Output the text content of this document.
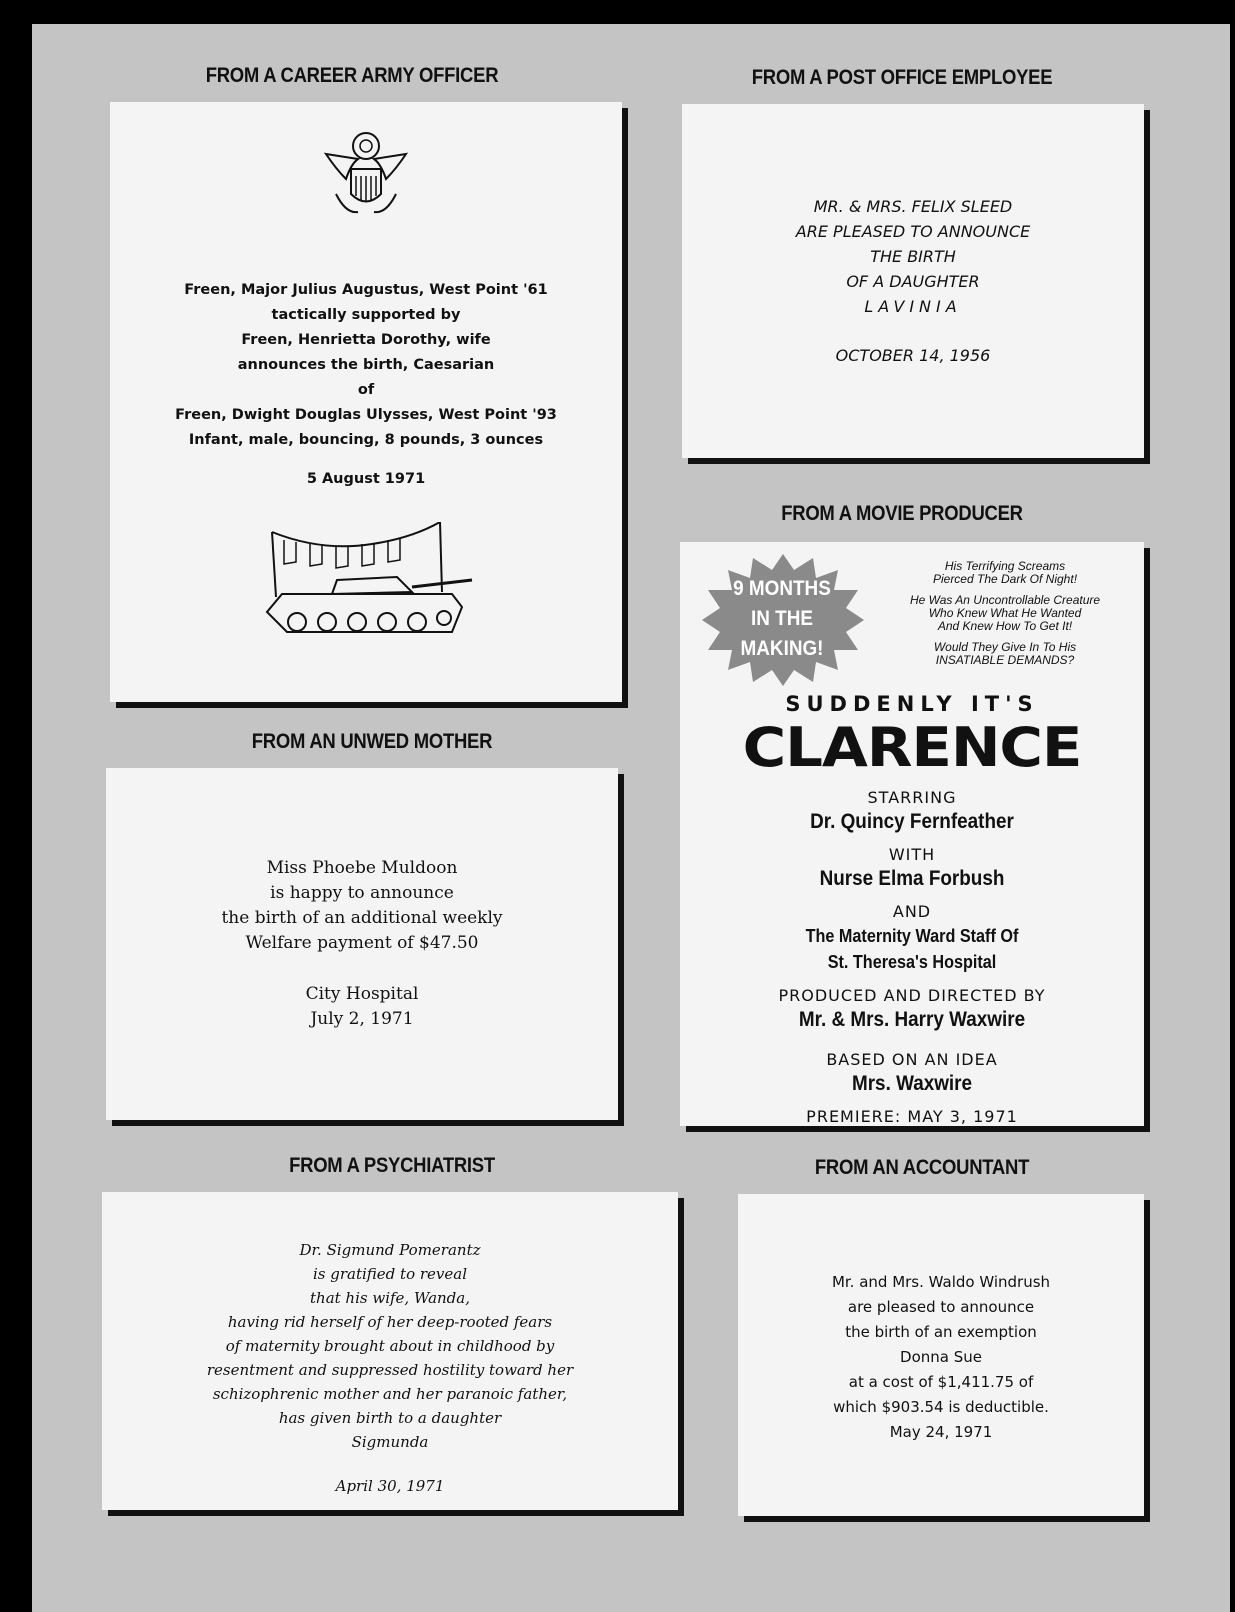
FROM A CAREER ARMY OFFICER
Freen, Major Julius Augustus, West Point '61
tactically supported by
Freen, Henrietta Dorothy, wife
announces the birth, Caesarian
of
Freen, Dwight Douglas Ulysses, West Point '93
Infant, male, bouncing, 8 pounds, 3 ounces
5 August 1971
FROM A POST OFFICE EMPLOYEE
MR. & MRS. FELIX SLEED
ARE PLEASED TO ANNOUNCE
THE BIRTH
OF A DAUGHTER
LAVINIA
OCTOBER 14, 1956
FROM A MOVIE PRODUCER
9 MONTHS
IN THE
MAKING!
His Terrifying Screams
Pierced The Dark Of Night!
He Was An Uncontrollable Creature
Who Knew What He Wanted
And Knew How To Get It!
Would They Give In To His
INSATIABLE DEMANDS?
SUDDENLY IT'S
CLARENCE
STARRING
Dr. Quincy Fernfeather
WITH
Nurse Elma Forbush
AND
The Maternity Ward Staff Of
St. Theresa's Hospital
PRODUCED AND DIRECTED BY
Mr. & Mrs. Harry Waxwire
BASED ON AN IDEA
Mrs. Waxwire
PREMIERE: MAY 3, 1971
FROM AN UNWED MOTHER
Miss Phoebe Muldoon
is happy to announce
the birth of an additional weekly
Welfare payment of $47.50
City Hospital
July 2, 1971
FROM A PSYCHIATRIST
Dr. Sigmund Pomerantz
is gratified to reveal
that his wife, Wanda,
having rid herself of her deep-rooted fears
of maternity brought about in childhood by
resentment and suppressed hostility toward her
schizophrenic mother and her paranoic father,
has given birth to a daughter
Sigmunda
April 30, 1971
FROM AN ACCOUNTANT
Mr. and Mrs. Waldo Windrush
are pleased to announce
the birth of an exemption
Donna Sue
at a cost of $1,411.75 of
which $903.54 is deductible.
May 24, 1971
